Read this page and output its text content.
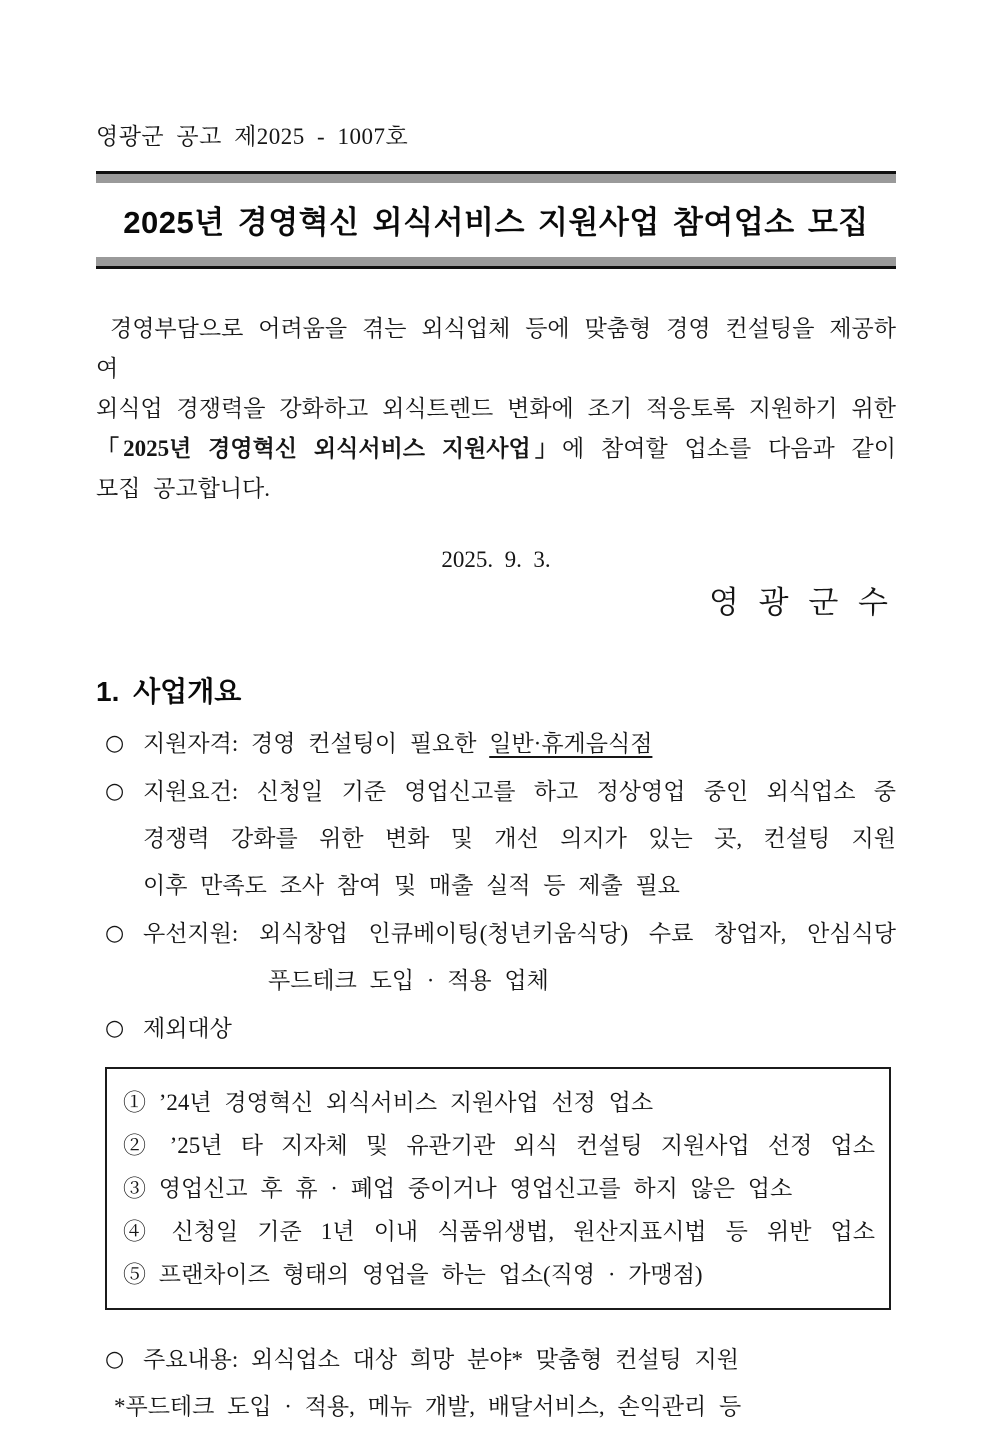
영광군 공고 제2025 - 1007호
2025년 경영혁신 외식서비스 지원사업 참여업소 모집
경영부담으로 어려움을 겪는 외식업체 등에 맞춤형 경영 컨설팅을 제공하여
외식업 경쟁력을 강화하고 외식트렌드 변화에 조기 적응토록 지원하기 위한
「2025년 경영혁신 외식서비스 지원사업」에 참여할 업소를 다음과 같이
모집 공고합니다.
2025.  9.  3.
영 광 군 수
1. 사업개요
○ 지원자격: 경영 컨설팅이 필요한 일반·휴게음식점
○ 지원요건: 신청일 기준 영업신고를 하고 정상영업 중인 외식업소 중
경쟁력 강화를 위한 변화 및 개선 의지가 있는 곳, 컨설팅 지원
이후 만족도 조사 참여 및 매출 실적 등 제출 필요
○ 우선지원: 외식창업 인큐베이팅(청년키움식당) 수료 창업자, 안심식당
푸드테크 도입 · 적용 업체
○ 제외대상
① ’24년 경영혁신 외식서비스 지원사업 선정 업소
② ’25년 타 지자체 및 유관기관 외식 컨설팅 지원사업 선정 업소
③ 영업신고 후 휴 · 폐업 중이거나 영업신고를 하지 않은 업소
④ 신청일 기준 1년 이내 식품위생법, 원산지표시법 등 위반 업소
⑤ 프랜차이즈 형태의 영업을 하는 업소(직영 · 가맹점)
○ 주요내용: 외식업소 대상 희망 분야* 맞춤형 컨설팅 지원
*푸드테크 도입 · 적용, 메뉴 개발, 배달서비스, 손익관리 등
